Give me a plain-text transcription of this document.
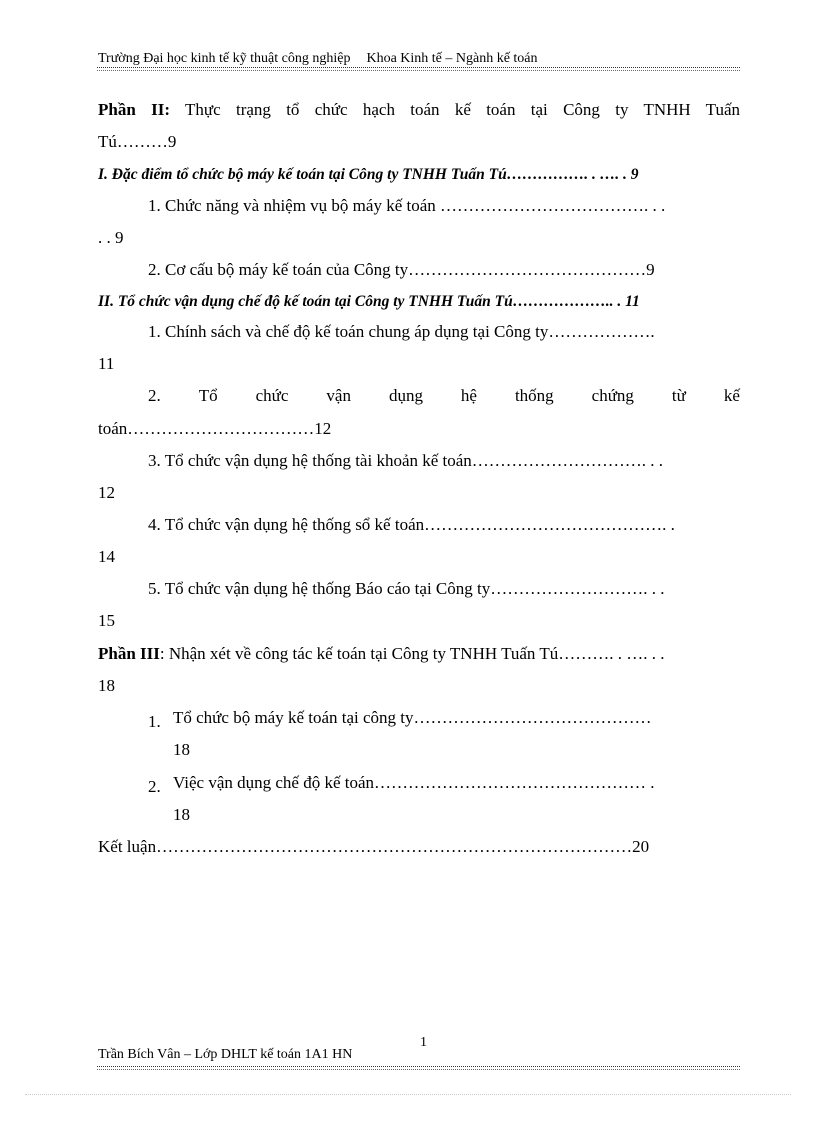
Trường Đại học kinh tế kỹ thuật công nghiệp Khoa Kinh tế – Ngành kế toán
Phần II: Thực trạng tổ chức hạch toán kế toán tại Công ty TNHH Tuấn
Tú………9
I. Đặc điểm tổ chức bộ máy kế toán tại Công ty TNHH Tuấn Tú……………. . …. . 9
1. Chức năng và nhiệm vụ bộ máy kế toán ………………………………. . .
. . 9
2. Cơ cấu bộ máy kế toán của Công ty……………………………………9
II. Tổ chức vận dụng chế độ kế toán tại Công ty TNHH Tuấn Tú……………….. . 11
1. Chính sách và chế độ kế toán chung áp dụng tại Công ty……………….
11
2. Tổ chức vận dụng hệ thống chứng từ kế
toán……………………………12
3. Tổ chức vận dụng hệ thống tài khoản kế toán…………………………. . .
12
4. Tổ chức vận dụng hệ thống sổ kế toán……………………………………. .
14
5. Tổ chức vận dụng hệ thống Báo cáo tại Công ty………………………. . .
15
Phần III: Nhận xét về công tác kế toán tại Công ty TNHH Tuấn Tú………. . …. . .
18
1. Tổ chức bộ máy kế toán tại công ty……………………………………
18
2. Việc vận dụng chế độ kế toán………………………………………… .
18
Kết luận…………………………………………………………………………20
1
Trần Bích Vân – Lớp DHLT kế toán 1A1 HN
